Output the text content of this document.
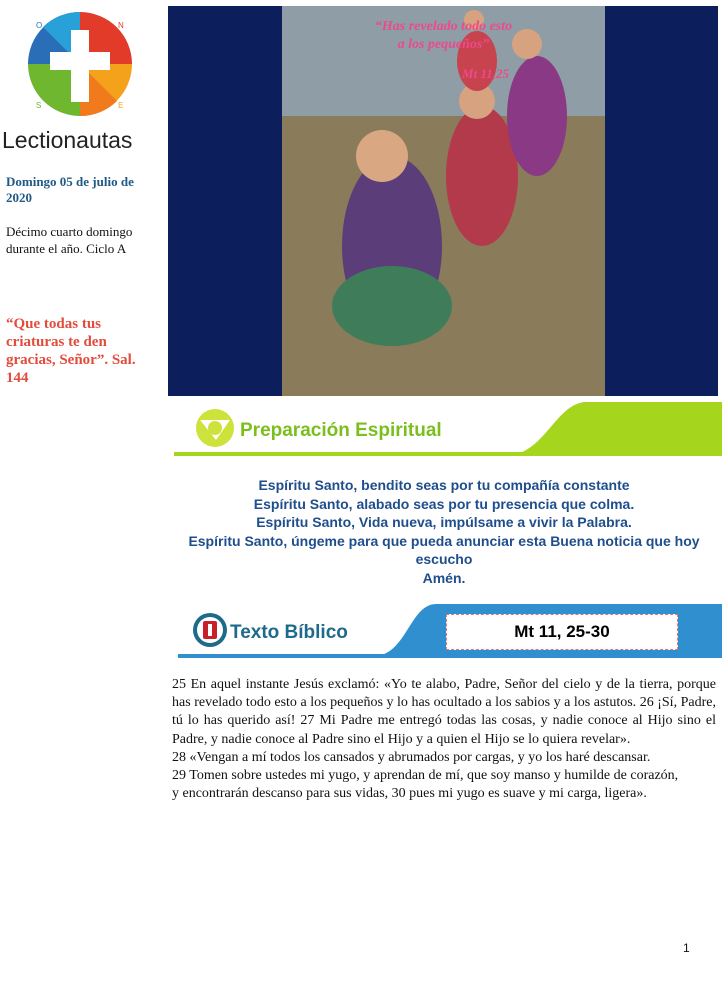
O	N
S	E
Lectionautas
Domingo 05 de julio de 2020
Décimo cuarto domingo durante el año. Ciclo A
“Que todas tus criaturas te den gracias, Señor”. Sal. 144
“Has revelado todo esto
a los pequeños”
Mt 11,25
Preparación Espiritual
Espíritu Santo, bendito seas por tu compañía constante
Espíritu Santo, alabado seas por tu presencia que colma.
Espíritu Santo, Vida nueva, impúlsame a vivir la Palabra.
Espíritu Santo, úngeme para que pueda anunciar esta Buena noticia que hoy escucho
Amén.
Texto Bíblico	Mt 11, 25-30

25 En aquel instante Jesús exclamó: «Yo te alabo, Padre, Señor del cielo y de la tierra, porque has revelado todo esto a los pequeños y lo has ocultado a los sabios y a los astutos. 26 ¡Sí, Padre, tú lo has querido así! 27 Mi Padre me entregó todas las cosas, y nadie conoce al Hijo sino el Padre, y nadie conoce al Padre sino el Hijo y a quien el Hijo se lo quiera revelar».

28 «Vengan a mí todos los cansados y abrumados por cargas, y yo los haré descansar.

29 Tomen sobre ustedes mi yugo, y aprendan de mí, que soy manso y humilde de corazón,

y encontrarán descanso para sus vidas, 30 pues mi yugo es suave y mi carga, ligera».

1
